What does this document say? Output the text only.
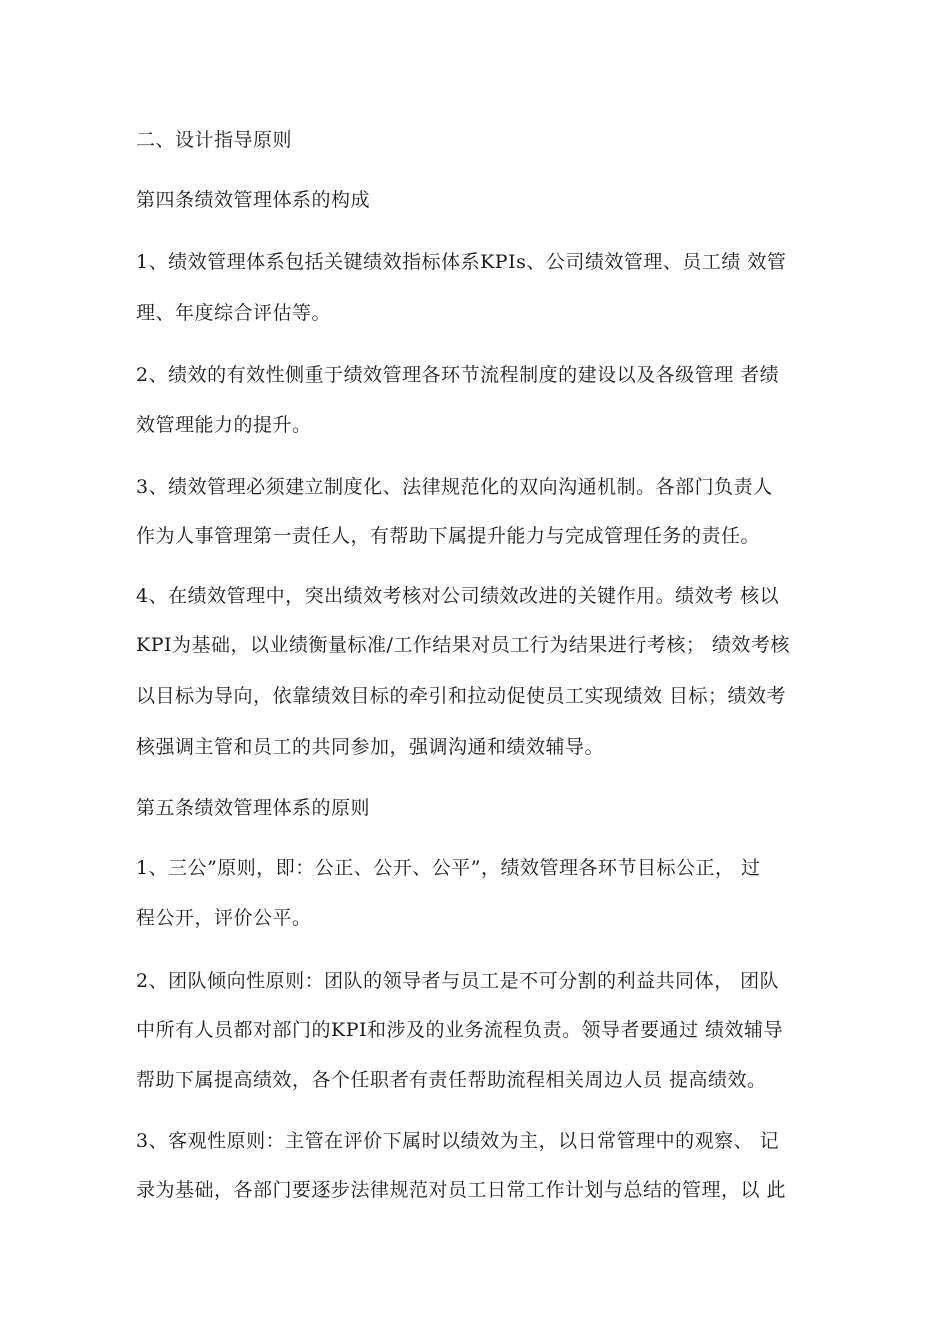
二、设计指导原则
第四条绩效管理体系的构成
1、绩效管理体系包括关键绩效指标体系KPIs、公司绩效管理、员工绩 效管
理、年度综合评估等。
2、绩效的有效性侧重于绩效管理各环节流程制度的建设以及各级管理 者绩
效管理能力的提升。
3、绩效管理必须建立制度化、法律规范化的双向沟通机制。各部门负责人
作为人事管理第一责任人，有帮助下属提升能力与完成管理任务的责任。
4、在绩效管理中，突出绩效考核对公司绩效改进的关键作用。绩效考 核以
KPI为基础，以业绩衡量标准/工作结果对员工行为结果进行考核； 绩效考核
以目标为导向，依靠绩效目标的牵引和拉动促使员工实现绩效 目标；绩效考
核强调主管和员工的共同参加，强调沟通和绩效辅导。
第五条绩效管理体系的原则
1、三公”原则，即：公正、公开、公平”，绩效管理各环节目标公正， 过
程公开，评价公平。
2、团队倾向性原则：团队的领导者与员工是不可分割的利益共同体， 团队
中所有人员都对部门的KPI和涉及的业务流程负责。领导者要通过 绩效辅导
帮助下属提高绩效，各个任职者有责任帮助流程相关周边人员 提高绩效。
3、客观性原则：主管在评价下属时以绩效为主，以日常管理中的观察、 记
录为基础，各部门要逐步法律规范对员工日常工作计划与总结的管理，以 此
